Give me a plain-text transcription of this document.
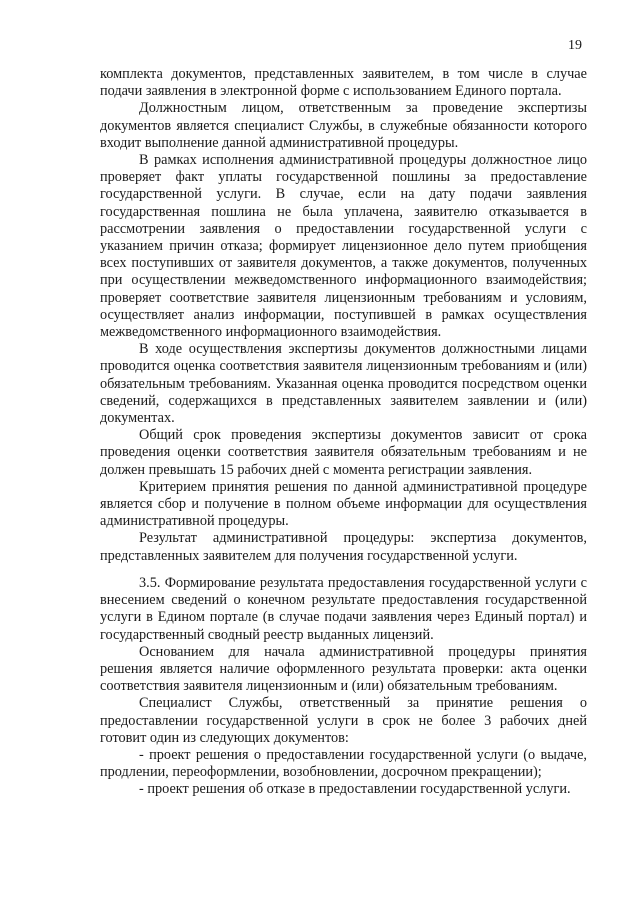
19

комплекта документов, представленных заявителем, в том числе в случае подачи заявления в электронной форме с использованием Единого портала.

Должностным лицом, ответственным за проведение экспертизы документов является специалист Службы, в служебные обязанности которого входит выполнение данной административной процедуры.

В рамках исполнения административной процедуры должностное лицо проверяет факт уплаты государственной пошлины за предоставление государственной услуги. В случае, если на дату подачи заявления государственная пошлина не была уплачена, заявителю отказывается в рассмотрении заявления о предоставлении государственной услуги с указанием причин отказа; формирует лицензионное дело путем приобщения всех поступивших от заявителя документов, а также документов, полученных при осуществлении межведомственного информационного взаимодействия; проверяет соответствие заявителя лицензионным требованиям и условиям, осуществляет анализ информации, поступившей в рамках осуществления межведомственного информационного взаимодействия.

В ходе осуществления экспертизы документов должностными лицами проводится оценка соответствия заявителя лицензионным требованиям и (или) обязательным требованиям. Указанная оценка проводится посредством оценки сведений, содержащихся в представленных заявителем заявлении и (или) документах.

Общий срок проведения экспертизы документов зависит от срока проведения оценки соответствия заявителя обязательным требованиям и не должен превышать 15 рабочих дней с момента регистрации заявления.

Критерием принятия решения по данной административной процедуре является сбор и получение в полном объеме информации для осуществления административной процедуры.

Результат административной процедуры: экспертиза документов, представленных заявителем для получения государственной услуги.

3.5. Формирование результата предоставления государственной услуги с внесением сведений о конечном результате предоставления государственной услуги в Едином портале (в случае подачи заявления через Единый портал) и государственный сводный реестр выданных лицензий.

Основанием для начала административной процедуры принятия решения является наличие оформленного результата проверки: акта оценки соответствия заявителя лицензионным и (или) обязательным требованиям.

Специалист Службы, ответственный за принятие решения о предоставлении государственной услуги в срок не более 3 рабочих дней готовит один из следующих документов:

- проект решения о предоставлении государственной услуги (о выдаче, продлении, переоформлении, возобновлении, досрочном прекращении);

- проект решения об отказе в предоставлении государственной услуги.
